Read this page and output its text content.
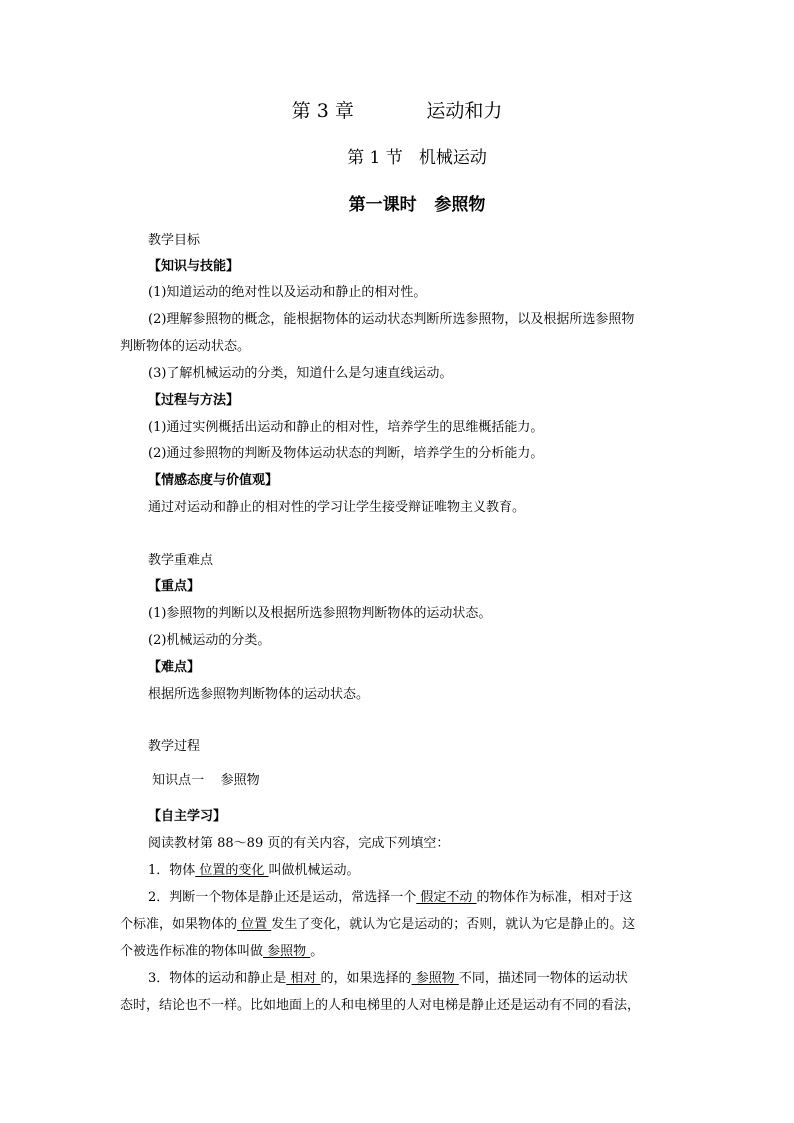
第 3 章            运动和力
第 1 节   机械运动
第一课时   参照物
教学目标
【知识与技能】
(1)知道运动的绝对性以及运动和静止的相对性。
(2)理解参照物的概念，能根据物体的运动状态判断所选参照物，以及根据所选参照物
判断物体的运动状态。
(3)了解机械运动的分类，知道什么是匀速直线运动。
【过程与方法】
(1)通过实例概括出运动和静止的相对性，培养学生的思维概括能力。
(2)通过参照物的判断及物体运动状态的判断，培养学生的分析能力。
【情感态度与价值观】
通过对运动和静止的相对性的学习让学生接受辩证唯物主义教育。
教学重难点
【重点】
(1)参照物的判断以及根据所选参照物判断物体的运动状态。
(2)机械运动的分类。
【难点】
根据所选参照物判断物体的运动状态。
教学过程
知识点一    参照物
【自主学习】
阅读教材第 88～89 页的有关内容，完成下列填空：
1．物体 位置的变化 叫做机械运动。
2．判断一个物体是静止还是运动，常选择一个 假定不动 的物体作为标准，相对于这
个标准，如果物体的 位置 发生了变化，就认为它是运动的；否则，就认为它是静止的。这
个被选作标准的物体叫做 参照物 。
3．物体的运动和静止是 相对 的，如果选择的 参照物 不同，描述同一物体的运动状
态时，结论也不一样。比如地面上的人和电梯里的人对电梯是静止还是运动有不同的看法，
